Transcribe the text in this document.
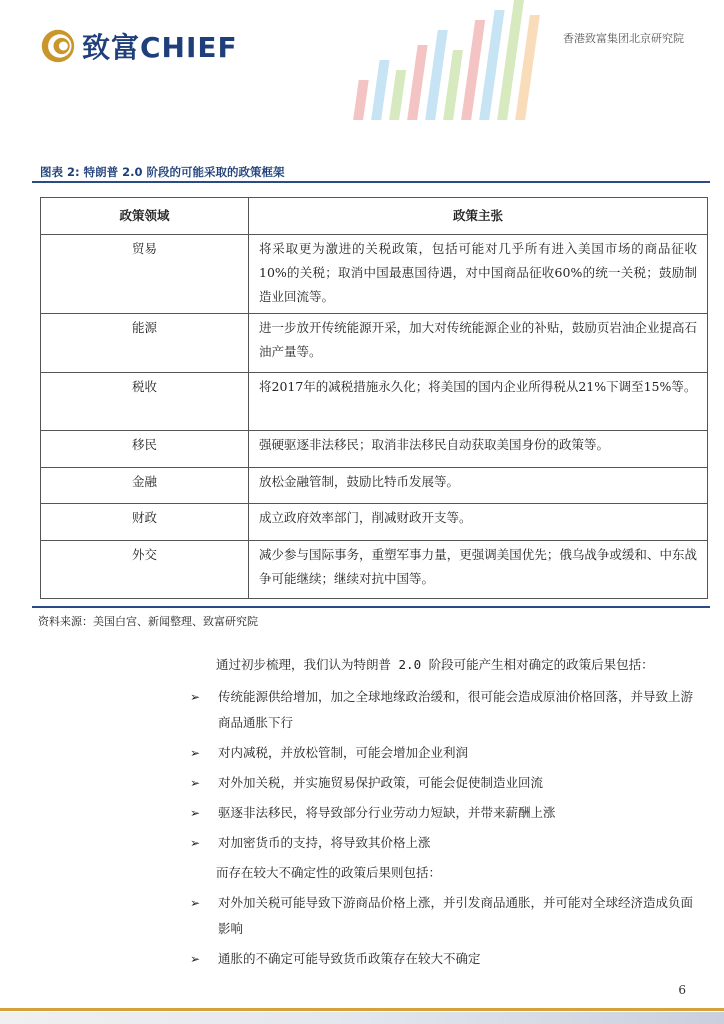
致富CHIEF	香港致富集团北京研究院
图表 2: 特朗普 2.0 阶段的可能采取的政策框架
政策领域	政策主张
贸易	将采取更为激进的关税政策，包括可能对几乎所有进入美国市场的商品征收10%的关税；取消中国最惠国待遇，对中国商品征收60%的统一关税；鼓励制造业回流等。
能源	进一步放开传统能源开采，加大对传统能源企业的补贴，鼓励页岩油企业提高石油产量等。
税收	将2017年的减税措施永久化；将美国的国内企业所得税从21%下调至15%等。
移民	强硬驱逐非法移民；取消非法移民自动获取美国身份的政策等。
金融	放松金融管制，鼓励比特币发展等。
财政	成立政府效率部门，削减财政开支等。
外交	减少参与国际事务，重塑军事力量，更强调美国优先；俄乌战争或缓和、中东战争可能继续；继续对抗中国等。
资料来源：美国白宫、新闻整理、致富研究院

通过初步梳理，我们认为特朗普 2.0 阶段可能产生相对确定的政策后果包括：

➢	传统能源供给增加，加之全球地缘政治缓和，很可能会造成原油价格回落，并导致上游商品通胀下行
➢	对内减税，并放松管制，可能会增加企业利润
➢	对外加关税，并实施贸易保护政策，可能会促使制造业回流
➢	驱逐非法移民，将导致部分行业劳动力短缺，并带来薪酬上涨
➢	对加密货币的支持，将导致其价格上涨

而存在较大不确定性的政策后果则包括：

➢	对外加关税可能导致下游商品价格上涨，并引发商品通胀，并可能对全球经济造成负面影响
➢	通胀的不确定可能导致货币政策存在较大不确定
6
